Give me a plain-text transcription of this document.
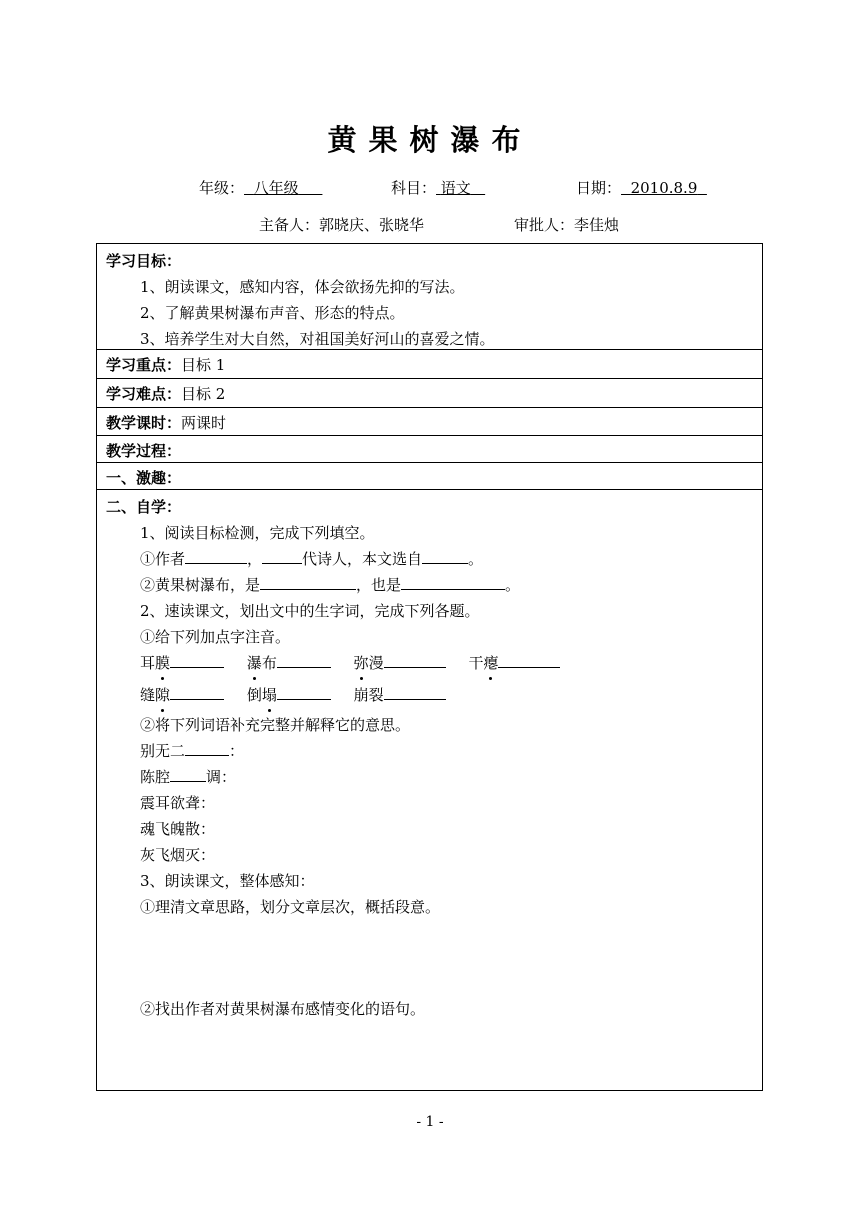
黄果树瀑布
年级： 八年级	科目： 语文	日期： 2010.8.9
主备人：郭晓庆、张晓华	审批人：李佳烛
学习目标：
1、朗读课文，感知内容，体会欲扬先抑的写法。
2、了解黄果树瀑布声音、形态的特点。
3、培养学生对大自然，对祖国美好河山的喜爱之情。
学习重点：目标 1
学习难点：目标 2
教学课时：两课时
教学过程：
一、激趣：
二、自学：
1、阅读目标检测，完成下列填空。
①作者	，	代诗人，本文选自	。
②黄果树瀑布，是	，也是	。
2、速读课文，划出文中的生字词，完成下列各题。
①给下列加点字注音。
耳膜	瀑布	弥漫	干瘪
缝隙	倒塌	崩裂
②将下列词语补充完整并解释它的意思。
别无二	：
陈腔 调：
震耳欲聋：
魂飞魄散：
灰飞烟灭：
3、朗读课文，整体感知：
①理清文章思路，划分文章层次，概括段意。
②找出作者对黄果树瀑布感情变化的语句。
- 1 -
